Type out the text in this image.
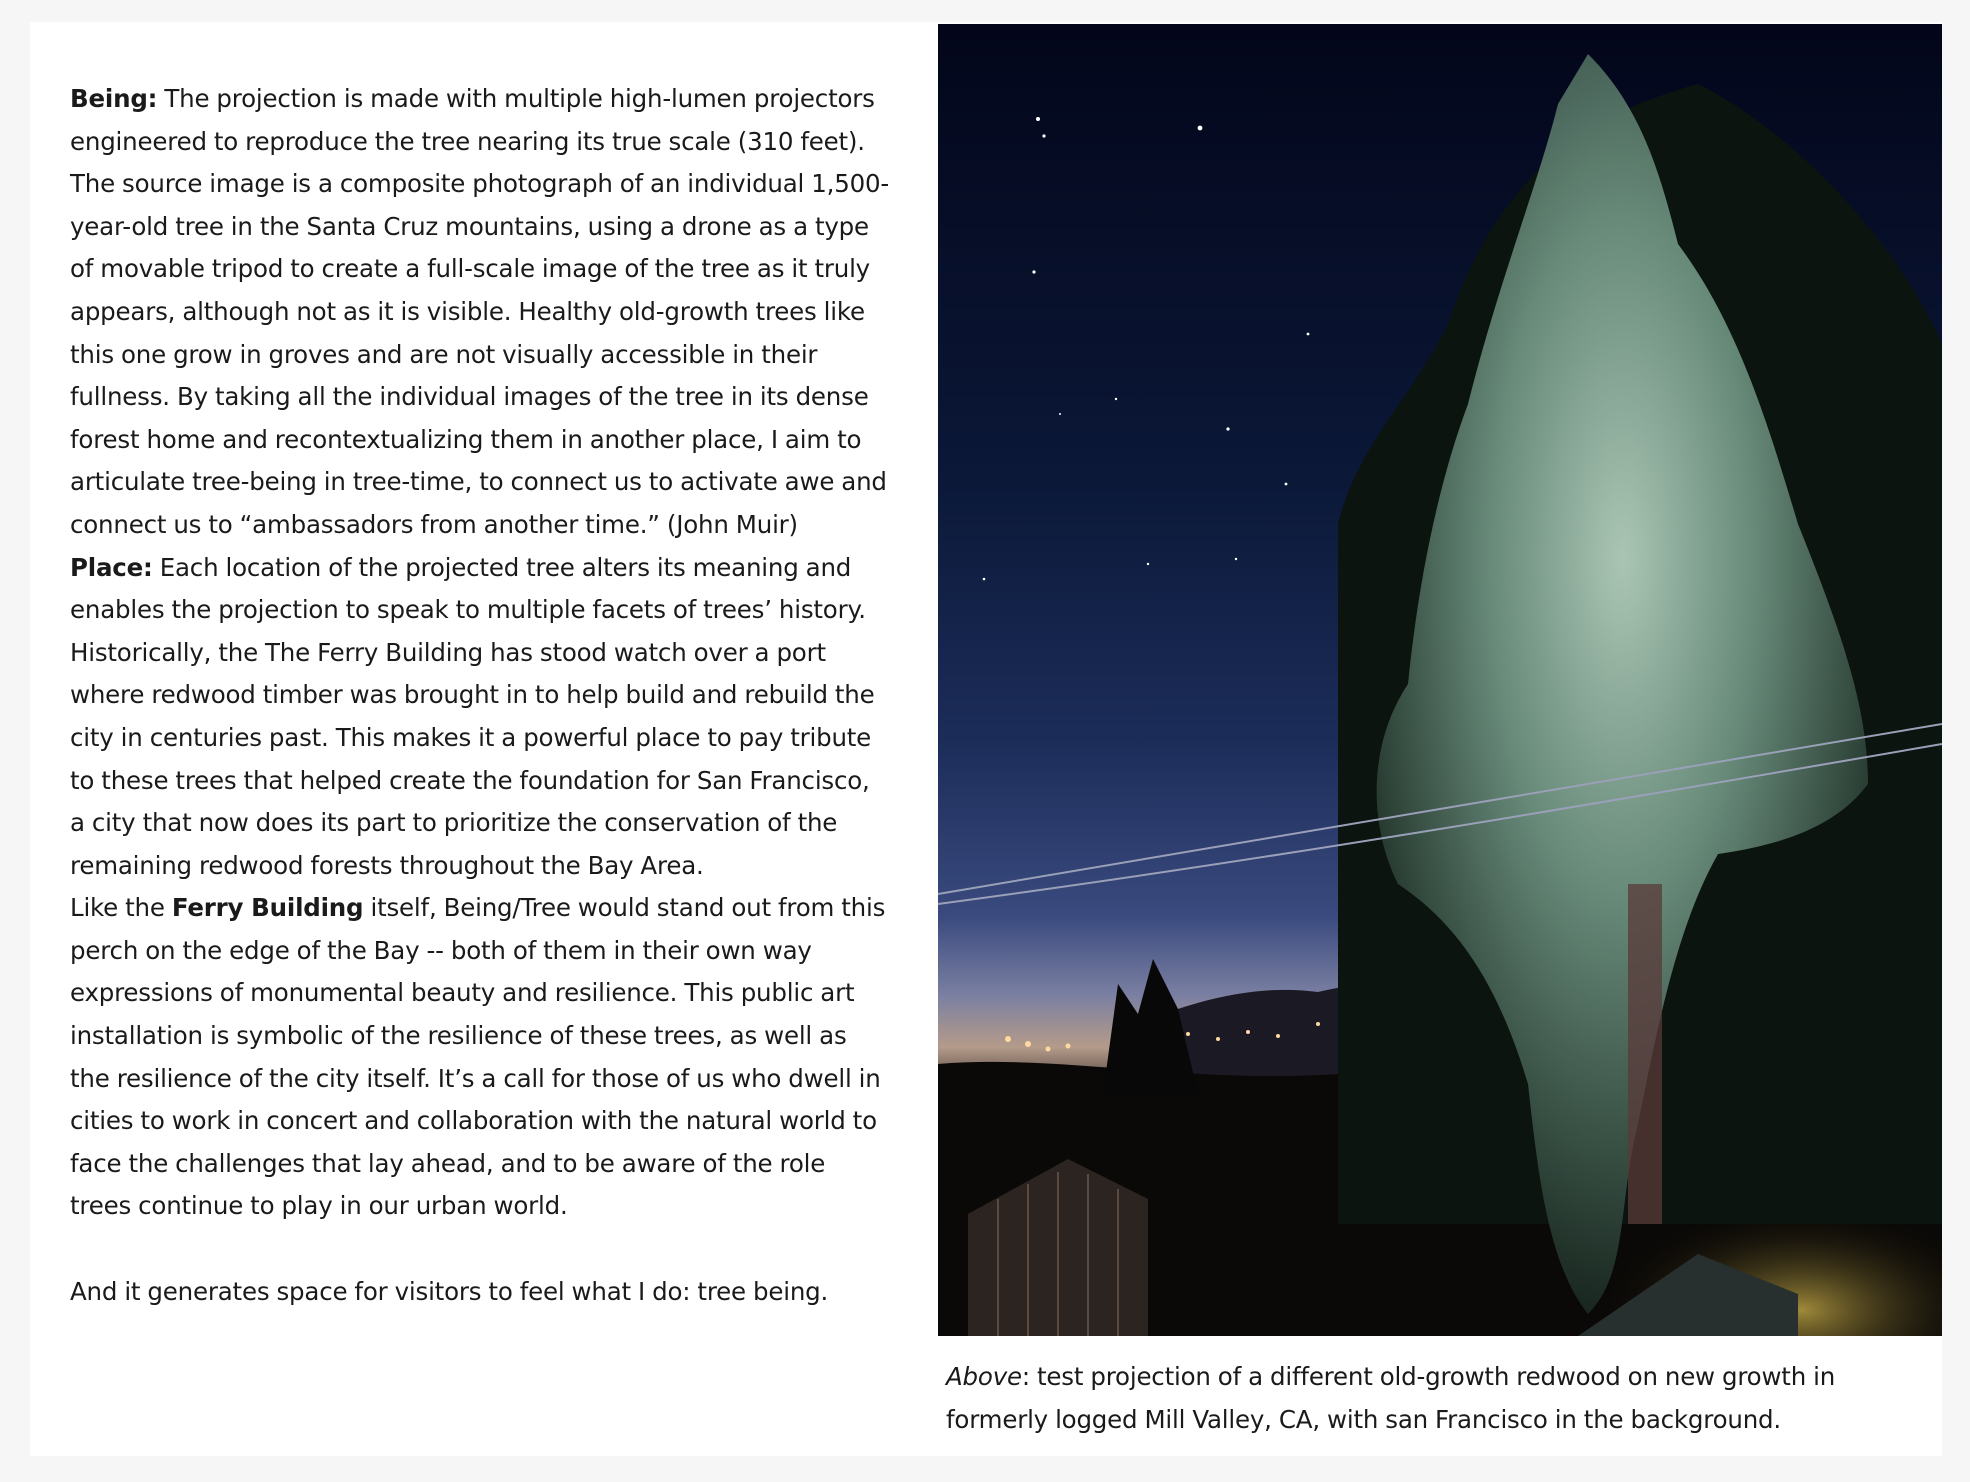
Being: The projection is made with multiple high-lumen projectors engineered to reproduce the tree nearing its true scale (310 feet). The source image is a composite photograph of an individual 1,500-year-old tree in the Santa Cruz mountains, using a drone as a type of movable tripod to create a full-scale image of the tree as it truly appears, although not as it is visible. Healthy old-growth trees like this one grow in groves and are not visually accessible in their fullness. By taking all the individual images of the tree in its dense forest home and recontextualizing them in another place, I aim to articulate tree-being in tree-time, to connect us to activate awe and connect us to “ambassadors from another time.” (John Muir)

Place: Each location of the projected tree alters its meaning and enables the projection to speak to multiple facets of trees’ history. Historically, the The Ferry Building has stood watch over a port where redwood timber was brought in to help build and rebuild the city in centuries past. This makes it a powerful place to pay tribute to these trees that helped create the foundation for San Francisco, a city that now does its part to prioritize the conservation of the remaining redwood forests throughout the Bay Area.

Like the Ferry Building itself, Being/Tree would stand out from this perch on the edge of the Bay -- both of them in their own way expressions of monumental beauty and resilience. This public art installation is symbolic of the resilience of these trees, as well as the resilience of the city itself. It’s a call for those of us who dwell in cities to work in concert and collaboration with the natural world to face the challenges that lay ahead, and to be aware of the role trees continue to play in our urban world.

And it generates space for visitors to feel what I do: tree being.

Above: test projection of a different old-growth redwood on new growth in formerly logged Mill Valley, CA, with san Francisco in the background.
